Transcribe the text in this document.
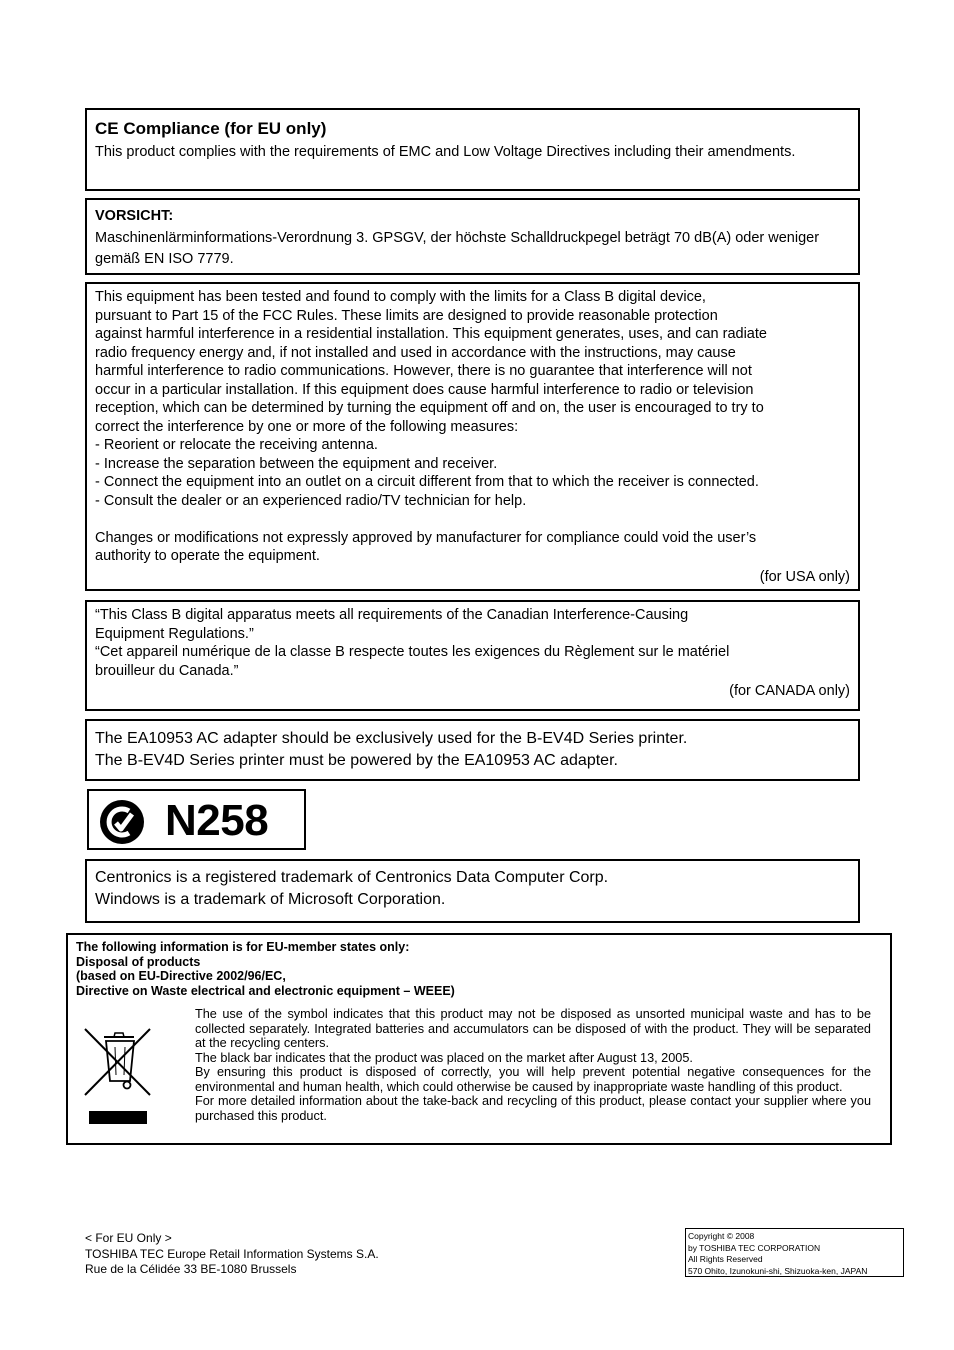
CE Compliance (for EU only)

This product complies with the requirements of EMC and Low Voltage Directives including their amendments.

VORSICHT:

Maschinenlärminformations-Verordnung 3. GPSGV, der höchste Schalldruckpegel beträgt 70 dB(A) oder weniger gemäß EN ISO 7779.

This equipment has been tested and found to comply with the limits for a Class B digital device,

pursuant to Part 15 of the FCC Rules. These limits are designed to provide reasonable protection

against harmful interference in a residential installation. This equipment generates, uses, and can radiate

radio frequency energy and, if not installed and used in accordance with the instructions, may cause

harmful interference to radio communications. However, there is no guarantee that interference will not

occur in a particular installation. If this equipment does cause harmful interference to radio or television

reception, which can be determined by turning the equipment off and on, the user is encouraged to try to

correct the interference by one or more of the following measures:

- Reorient or relocate the receiving antenna.

- Increase the separation between the equipment and receiver.

- Connect the equipment into an outlet on a circuit different from that to which the receiver is connected.

- Consult the dealer or an experienced radio/TV technician for help.

Changes or modifications not expressly approved by manufacturer for compliance could void the user’s

authority to operate the equipment.

(for USA only)

“This Class B digital apparatus meets all requirements of the Canadian Interference-Causing

Equipment Regulations.”

“Cet appareil numérique de la classe B respecte toutes les exigences du Règlement sur le matériel

brouilleur du Canada.”

(for CANADA only)

The EA10953 AC adapter should be exclusively used for the B-EV4D Series printer.

The B-EV4D Series printer must be powered by the EA10953 AC adapter.

N258

Centronics is a registered trademark of Centronics Data Computer Corp.

Windows is a trademark of Microsoft Corporation.

The following information is for EU-member states only:
Disposal of products
(based on EU-Directive 2002/96/EC,
Directive on Waste electrical and electronic equipment – WEEE)

The use of the symbol indicates that this product may not be disposed as unsorted municipal waste and has to be collected separately. Integrated batteries and accumulators can be disposed of with the product. They will be separated at the recycling centers.

The black bar indicates that the product was placed on the market after August 13, 2005.

By ensuring this product is disposed of correctly, you will help prevent potential negative consequences for the environmental and human health, which could otherwise be caused by inappropriate waste handling of this product.

For more detailed information about the take-back and recycling of this product, please contact your supplier where you purchased this product.

< For EU Only >

TOSHIBA TEC Europe Retail Information Systems S.A.

Rue de la Célidée 33 BE-1080 Brussels

Copyright © 2008

by TOSHIBA TEC CORPORATION

All Rights Reserved

570 Ohito, Izunokuni-shi, Shizuoka-ken, JAPAN
